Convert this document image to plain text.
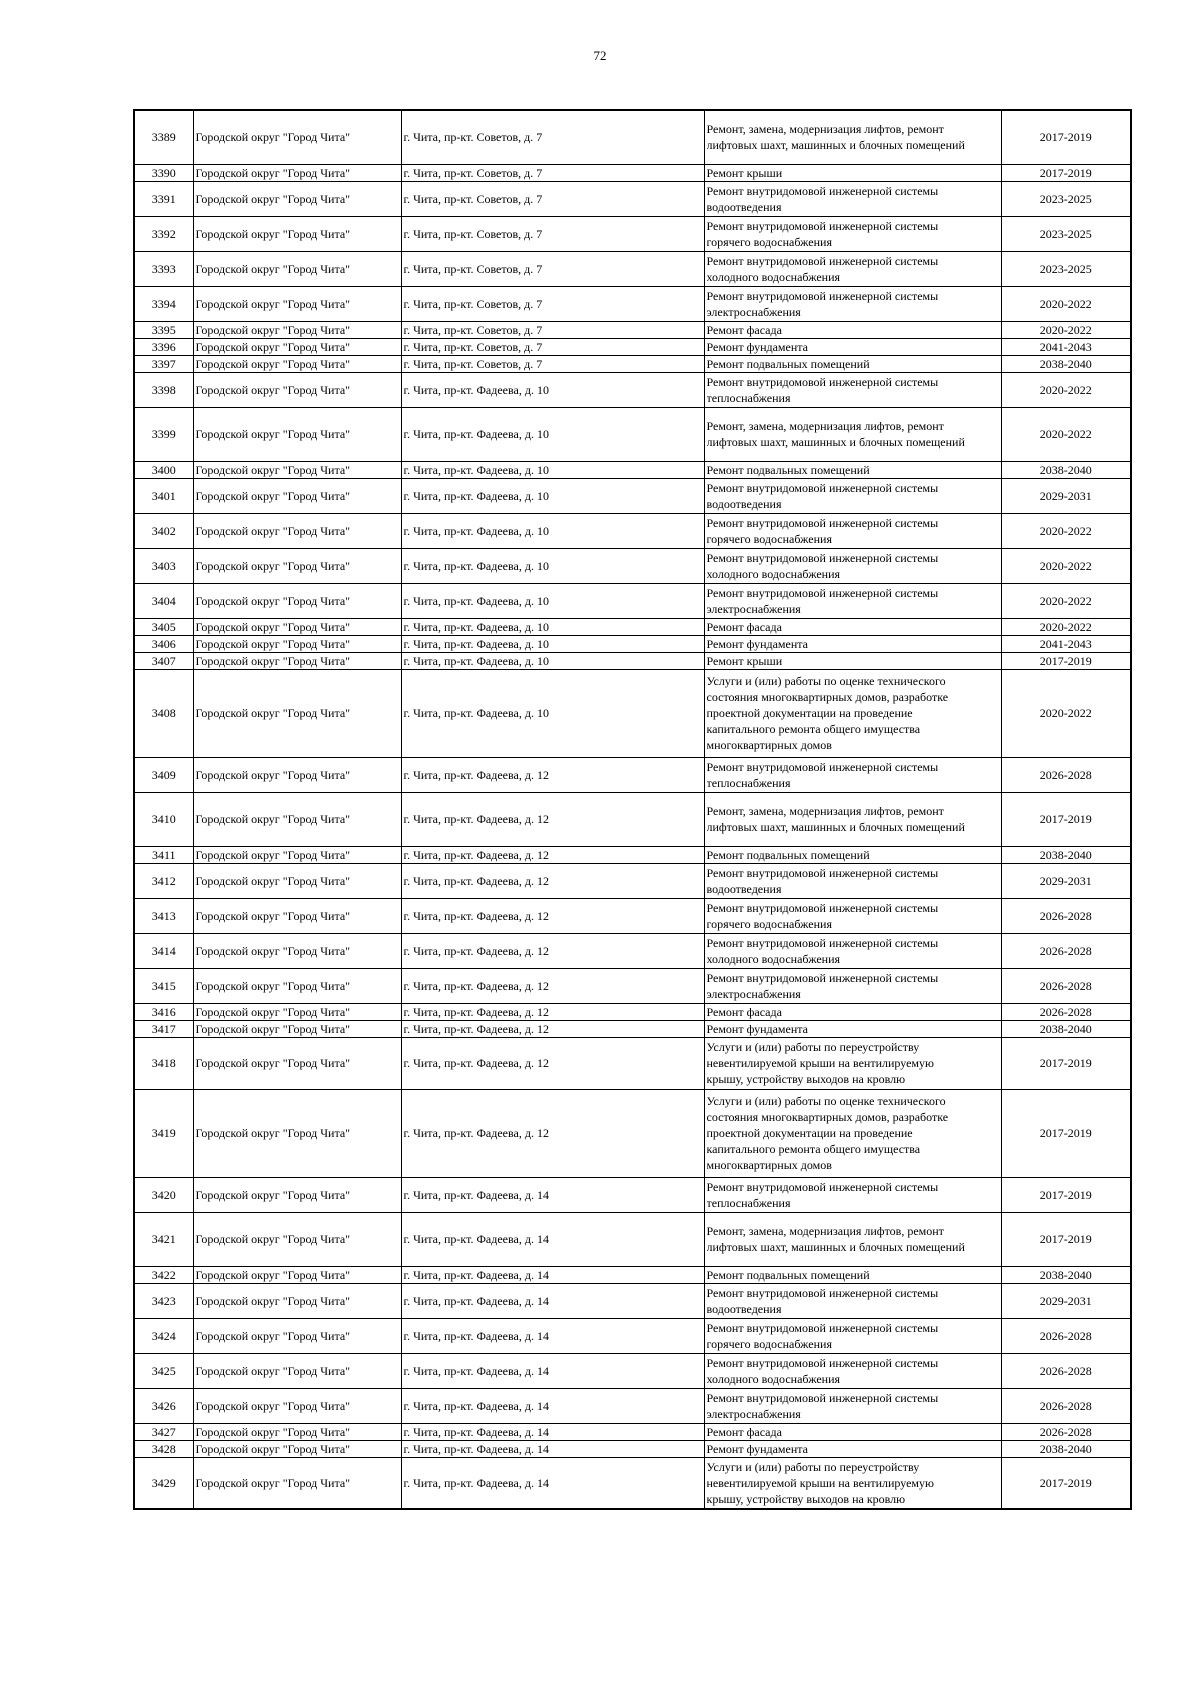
72
3389	Городской округ "Город Чита"	г. Чита, пр-кт. Советов, д. 7	Ремонт, замена, модернизация лифтов, ремонт
лифтовых шахт, машинных и блочных помещений	2017-2019
3390	Городской округ "Город Чита"	г. Чита, пр-кт. Советов, д. 7	Ремонт крыши	2017-2019
3391	Городской округ "Город Чита"	г. Чита, пр-кт. Советов, д. 7	Ремонт внутридомовой инженерной системы
водоотведения	2023-2025
3392	Городской округ "Город Чита"	г. Чита, пр-кт. Советов, д. 7	Ремонт внутридомовой инженерной системы
горячего водоснабжения	2023-2025
3393	Городской округ "Город Чита"	г. Чита, пр-кт. Советов, д. 7	Ремонт внутридомовой инженерной системы
холодного водоснабжения	2023-2025
3394	Городской округ "Город Чита"	г. Чита, пр-кт. Советов, д. 7	Ремонт внутридомовой инженерной системы
электроснабжения	2020-2022
3395	Городской округ "Город Чита"	г. Чита, пр-кт. Советов, д. 7	Ремонт фасада	2020-2022
3396	Городской округ "Город Чита"	г. Чита, пр-кт. Советов, д. 7	Ремонт фундамента	2041-2043
3397	Городской округ "Город Чита"	г. Чита, пр-кт. Советов, д. 7	Ремонт подвальных помещений	2038-2040
3398	Городской округ "Город Чита"	г. Чита, пр-кт. Фадеева, д. 10	Ремонт внутридомовой инженерной системы
теплоснабжения	2020-2022
3399	Городской округ "Город Чита"	г. Чита, пр-кт. Фадеева, д. 10	Ремонт, замена, модернизация лифтов, ремонт
лифтовых шахт, машинных и блочных помещений	2020-2022
3400	Городской округ "Город Чита"	г. Чита, пр-кт. Фадеева, д. 10	Ремонт подвальных помещений	2038-2040
3401	Городской округ "Город Чита"	г. Чита, пр-кт. Фадеева, д. 10	Ремонт внутридомовой инженерной системы
водоотведения	2029-2031
3402	Городской округ "Город Чита"	г. Чита, пр-кт. Фадеева, д. 10	Ремонт внутридомовой инженерной системы
горячего водоснабжения	2020-2022
3403	Городской округ "Город Чита"	г. Чита, пр-кт. Фадеева, д. 10	Ремонт внутридомовой инженерной системы
холодного водоснабжения	2020-2022
3404	Городской округ "Город Чита"	г. Чита, пр-кт. Фадеева, д. 10	Ремонт внутридомовой инженерной системы
электроснабжения	2020-2022
3405	Городской округ "Город Чита"	г. Чита, пр-кт. Фадеева, д. 10	Ремонт фасада	2020-2022
3406	Городской округ "Город Чита"	г. Чита, пр-кт. Фадеева, д. 10	Ремонт фундамента	2041-2043
3407	Городской округ "Город Чита"	г. Чита, пр-кт. Фадеева, д. 10	Ремонт крыши	2017-2019
3408	Городской округ "Город Чита"	г. Чита, пр-кт. Фадеева, д. 10	Услуги и (или) работы по оценке технического
состояния многоквартирных домов, разработке
проектной документации на проведение
капитального ремонта общего имущества
многоквартирных домов	2020-2022
3409	Городской округ "Город Чита"	г. Чита, пр-кт. Фадеева, д. 12	Ремонт внутридомовой инженерной системы
теплоснабжения	2026-2028
3410	Городской округ "Город Чита"	г. Чита, пр-кт. Фадеева, д. 12	Ремонт, замена, модернизация лифтов, ремонт
лифтовых шахт, машинных и блочных помещений	2017-2019
3411	Городской округ "Город Чита"	г. Чита, пр-кт. Фадеева, д. 12	Ремонт подвальных помещений	2038-2040
3412	Городской округ "Город Чита"	г. Чита, пр-кт. Фадеева, д. 12	Ремонт внутридомовой инженерной системы
водоотведения	2029-2031
3413	Городской округ "Город Чита"	г. Чита, пр-кт. Фадеева, д. 12	Ремонт внутридомовой инженерной системы
горячего водоснабжения	2026-2028
3414	Городской округ "Город Чита"	г. Чита, пр-кт. Фадеева, д. 12	Ремонт внутридомовой инженерной системы
холодного водоснабжения	2026-2028
3415	Городской округ "Город Чита"	г. Чита, пр-кт. Фадеева, д. 12	Ремонт внутридомовой инженерной системы
электроснабжения	2026-2028
3416	Городской округ "Город Чита"	г. Чита, пр-кт. Фадеева, д. 12	Ремонт фасада	2026-2028
3417	Городской округ "Город Чита"	г. Чита, пр-кт. Фадеева, д. 12	Ремонт фундамента	2038-2040
3418	Городской округ "Город Чита"	г. Чита, пр-кт. Фадеева, д. 12	Услуги и (или) работы по переустройству
невентилируемой крыши на вентилируемую
крышу, устройству выходов на кровлю	2017-2019
3419	Городской округ "Город Чита"	г. Чита, пр-кт. Фадеева, д. 12	Услуги и (или) работы по оценке технического
состояния многоквартирных домов, разработке
проектной документации на проведение
капитального ремонта общего имущества
многоквартирных домов	2017-2019
3420	Городской округ "Город Чита"	г. Чита, пр-кт. Фадеева, д. 14	Ремонт внутридомовой инженерной системы
теплоснабжения	2017-2019
3421	Городской округ "Город Чита"	г. Чита, пр-кт. Фадеева, д. 14	Ремонт, замена, модернизация лифтов, ремонт
лифтовых шахт, машинных и блочных помещений	2017-2019
3422	Городской округ "Город Чита"	г. Чита, пр-кт. Фадеева, д. 14	Ремонт подвальных помещений	2038-2040
3423	Городской округ "Город Чита"	г. Чита, пр-кт. Фадеева, д. 14	Ремонт внутридомовой инженерной системы
водоотведения	2029-2031
3424	Городской округ "Город Чита"	г. Чита, пр-кт. Фадеева, д. 14	Ремонт внутридомовой инженерной системы
горячего водоснабжения	2026-2028
3425	Городской округ "Город Чита"	г. Чита, пр-кт. Фадеева, д. 14	Ремонт внутридомовой инженерной системы
холодного водоснабжения	2026-2028
3426	Городской округ "Город Чита"	г. Чита, пр-кт. Фадеева, д. 14	Ремонт внутридомовой инженерной системы
электроснабжения	2026-2028
3427	Городской округ "Город Чита"	г. Чита, пр-кт. Фадеева, д. 14	Ремонт фасада	2026-2028
3428	Городской округ "Город Чита"	г. Чита, пр-кт. Фадеева, д. 14	Ремонт фундамента	2038-2040
3429	Городской округ "Город Чита"	г. Чита, пр-кт. Фадеева, д. 14	Услуги и (или) работы по переустройству
невентилируемой крыши на вентилируемую
крышу, устройству выходов на кровлю	2017-2019
